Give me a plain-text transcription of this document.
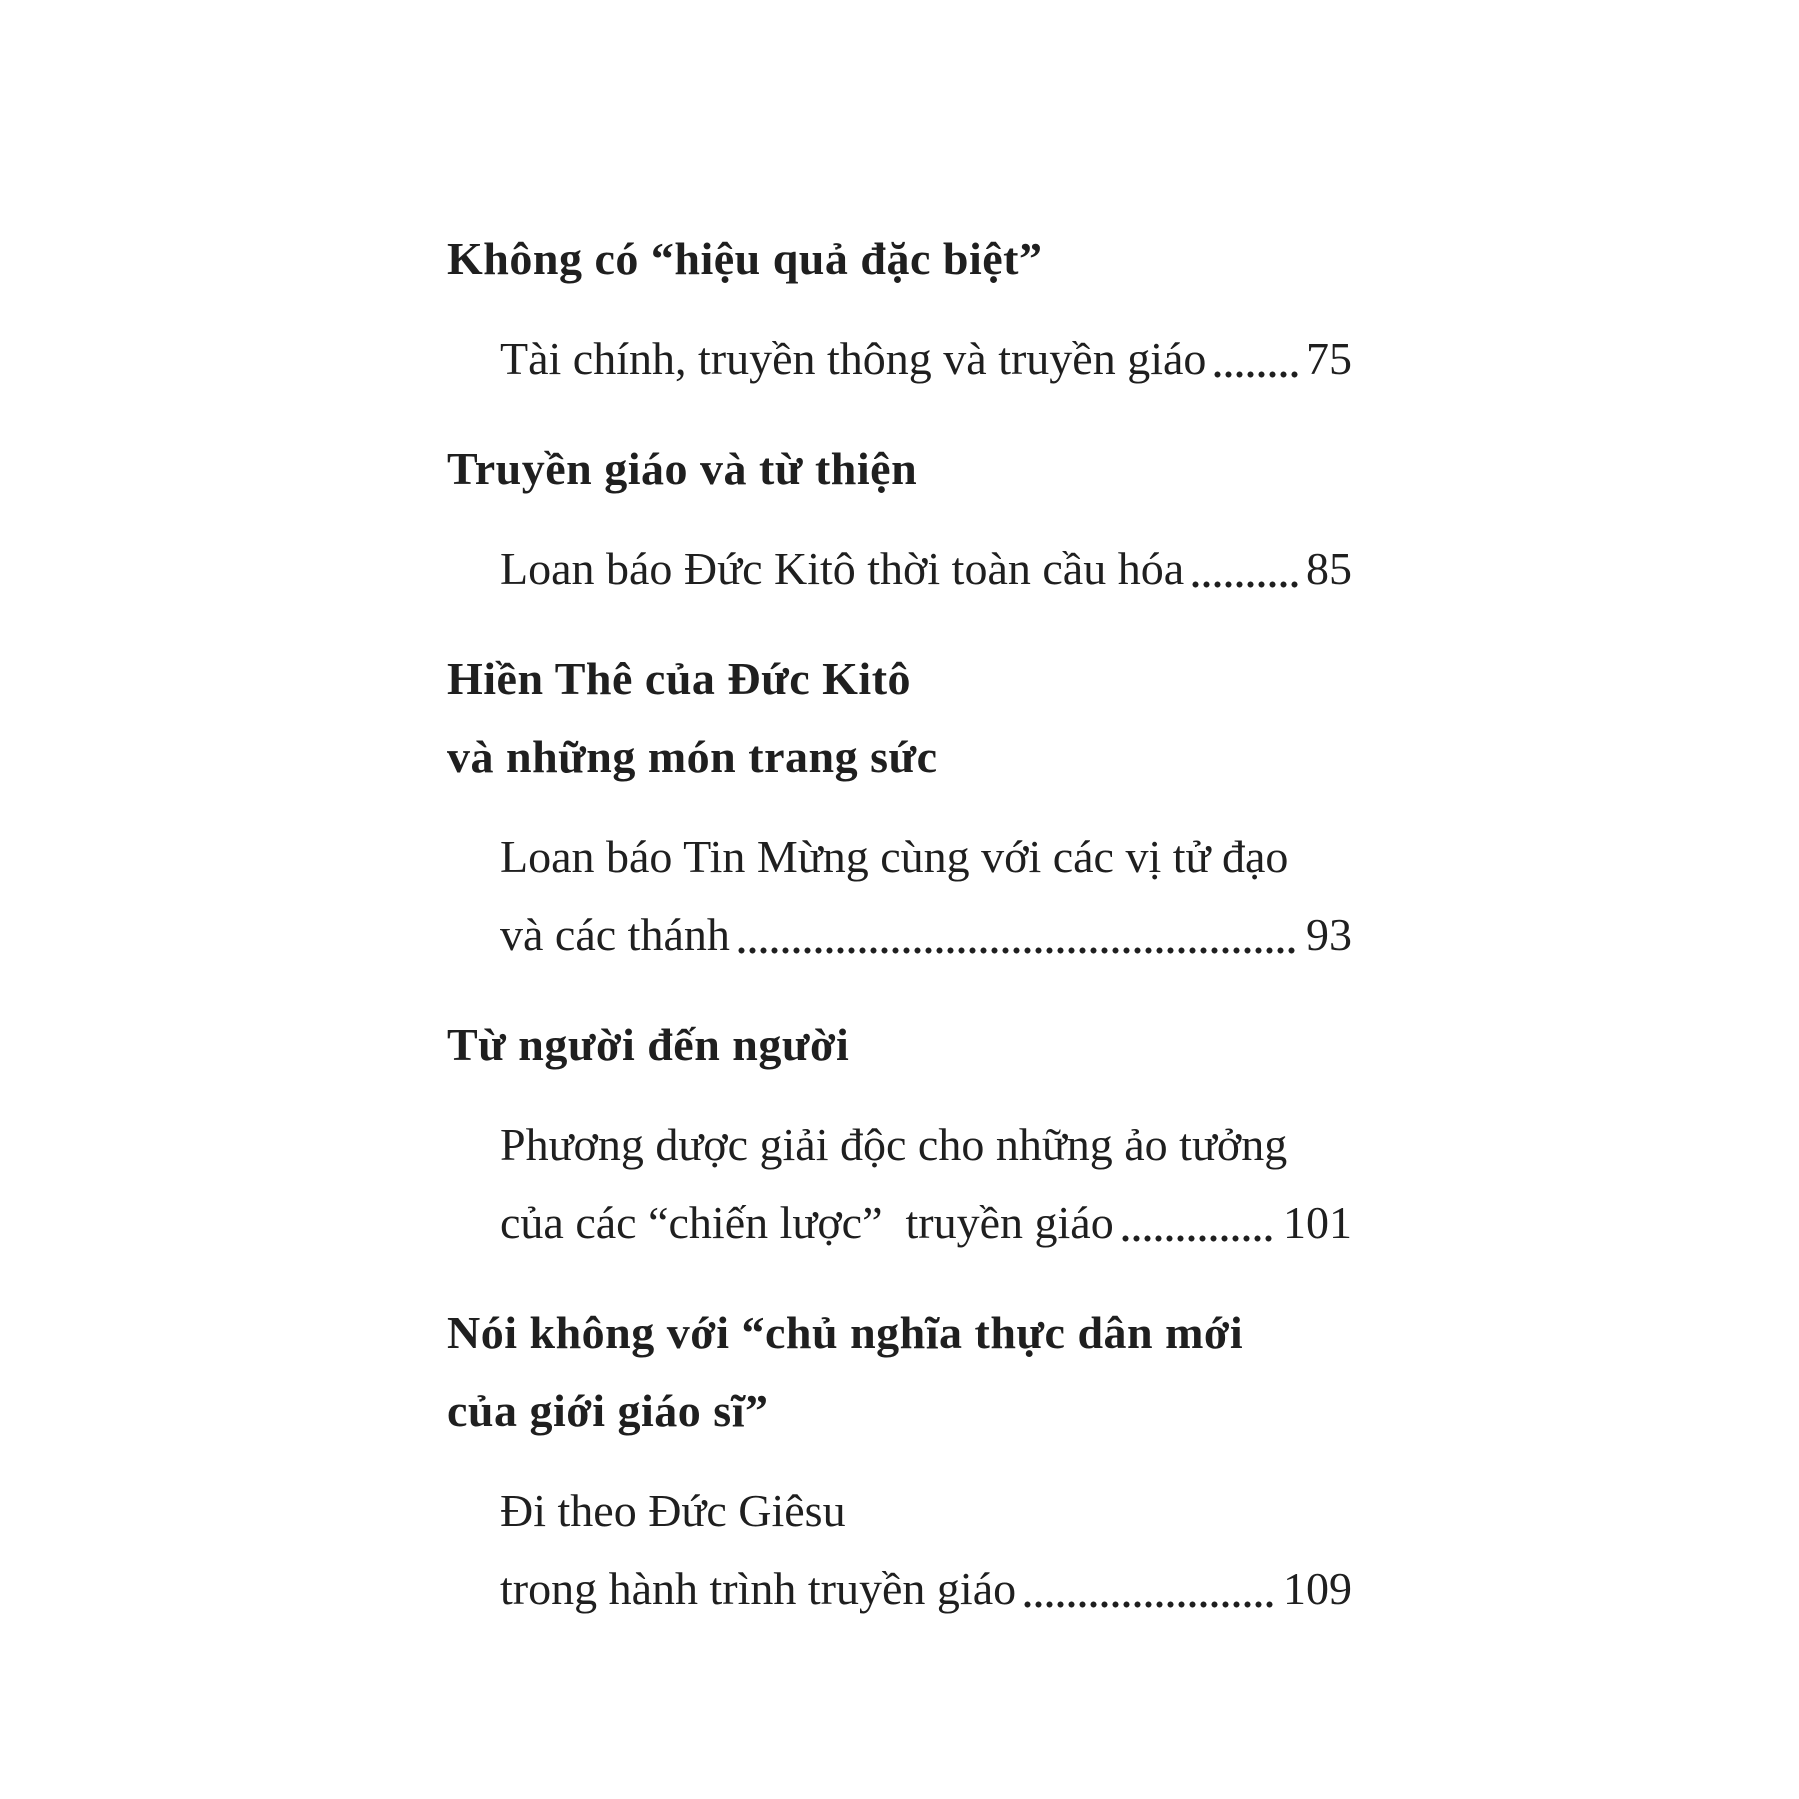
Không có “hiệu quả đặc biệt”
Tài chính, truyền thông và truyền giáo 75
Truyền giáo và từ thiện
Loan báo Đức Kitô thời toàn cầu hóa	85
Hiền Thê của Đức Kitô
và những món trang sức
Loan báo Tin Mừng cùng với các vị tử đạo
và các thánh	93
Từ người đến người
Phương dược giải độc cho những ảo tưởng
của các “chiến lược”  truyền giáo	101
Nói không với “chủ nghĩa thực dân mới
của giới giáo sĩ”
Đi theo Đức Giêsu
trong hành trình truyền giáo	109
